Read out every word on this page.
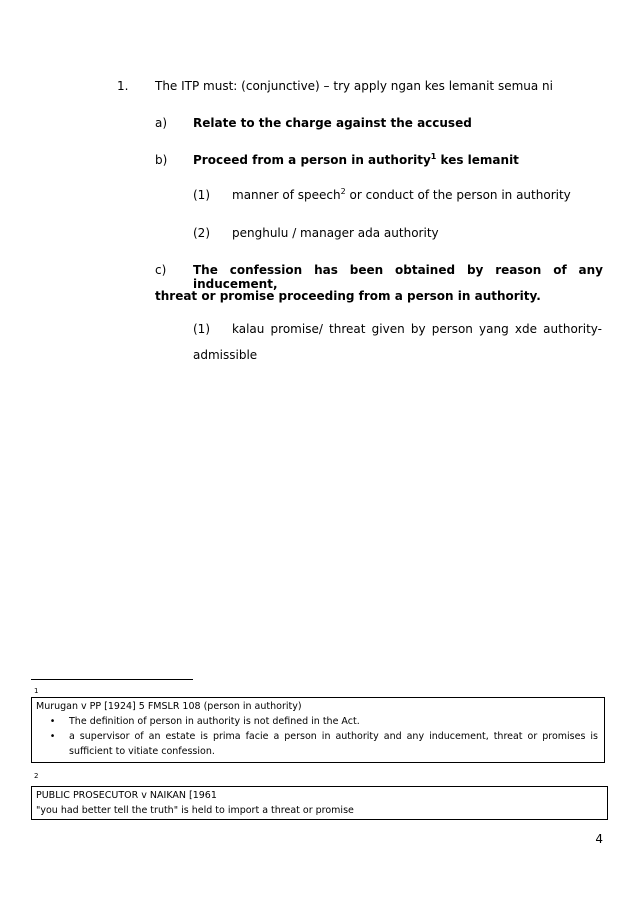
1. The ITP must: (conjunctive) – try apply ngan kes lemanit semua ni
a) Relate to the charge against the accused
b) Proceed from a person in authority$^1$ kes lemanit
(1) manner of speech$^2$ or conduct of the person in authority
(2) penghulu / manager ada authority
c) The confession has been obtained by reason of any inducement,
threat or promise proceeding from a person in authority.
(1) kalau promise/ threat given by person yang xde authority-
admissible
1
Murugan v PP [1924] 5 FMSLR 108 (person in authority)
•	The definition of person in authority is not defined in the Act.
•	a supervisor of an estate is prima facie a person in authority and any inducement, threat or promises is sufficient to vitiate confession.
2
PUBLIC PROSECUTOR v NAIKAN [1961
"you had better tell the truth" is held to import a threat or promise
4
